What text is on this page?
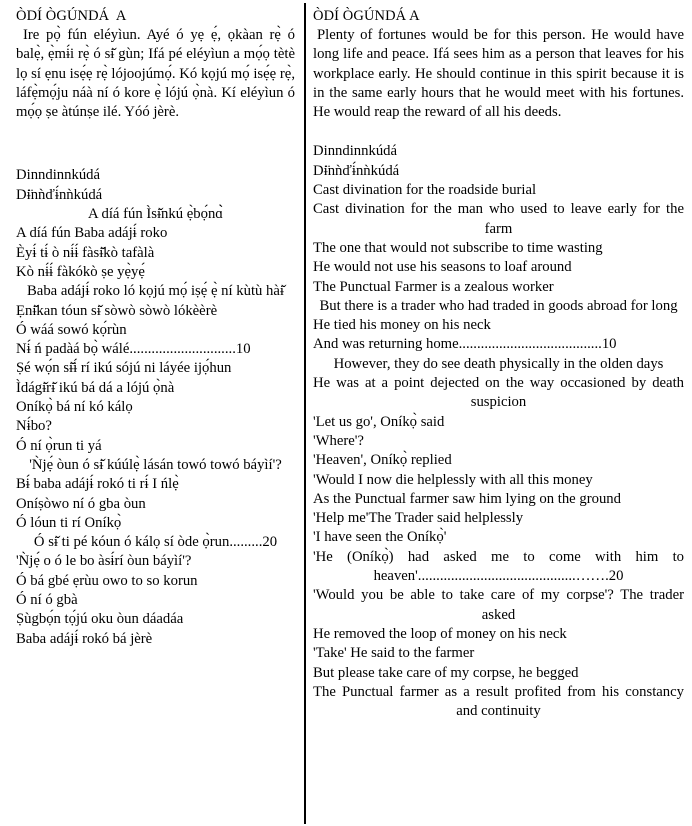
ÒDÍ ÒGÚNDÁ  A
Ire pọ̀ fún eléyìun. Ayé ó yẹ ẹ́, ọkàan rẹ̀ ó balẹ̀, ẹ̀mɨ́i rẹ̀ ó sɨ̌ gùn; Ifá pé eléyìun a mọ́ọ tètè lọ sí ẹnu isẹ́ẹ rẹ̀ lójoojúmọ́. Kó kọjú mọ́ isẹ́ẹ rẹ̀, láfẹ̀mọ́ju náà ní ó kore ẹ̀ lójú ọ̀nà. Kí eléyìun ó mọ́ọ ṣe àtúnṣe ilé. Yóó jèrè.
Dinndinnkúdá
Dɨ̈nǹďɨ́nǹkúdá
A díá fún Ìsɨ̌nkú ẹ̀bọ́nɑ̀̀
A díá fún Baba adájɨ́ roko
Èyɨ́ tɨ́ ò nɨ́ɨ́ fàsɨ̌kò tafàlà
Kò nɨ́ɨ́ fàkókò ṣe yẹ̀yẹ́
Baba adájɨ́ roko ló kọjú mọ́ iṣẹ́ ẹ̀ ní kùtù hàɨ̌
Ẹnɨ̌kan tóun sɨ̌ sòwò sòwò lókèèrè
Ó wáá sowó kọ́rùn
Nɨ́ ń padàá bọ̀ wálé.............................10
Ṣé wọ́n sɨ̌ɨ́ rí ikú sójú ni láyée ijọ́hun
Ìdágɨ̌rɨ̌ ikú bá dá a lójú ọ̀nà
Oníkọ̀ bá ní kó kálọ
Nɨ́bo?
Ó ní ọ̀run ti yá
'Ǹjẹ́ òun ó sɨ̌ kúúlẹ̀ lásán towó towó báyìí'?
Bɨ́ baba adájɨ́ rokó ti rɨ́ I ńlẹ̀
Oníṣòwo ní ó gba òun
Ó lóun ti rí Oníkọ̀
Ó sɨ̌ ti pé kóun ó kálọ sí òde ọ̀run.........20
'Ǹjẹ́ o ó le bo àsɨ́rí òun báyìí'?
Ó bá gbé ẹrùu owo to so korun
Ó ní ó gbà
Ṣùgbọ́n tọ́jú oku òun dáadáa
Baba adájɨ́ rokó bá jèrè
ÒDÍ ÒGÚNDÁ A
Plenty of fortunes would be for this person. He would have long life and peace. Ifá sees him as a person that leaves for his workplace early. He should continue in this spirit because it is in the same early hours that he would meet with his fortunes. He would reap the reward of all his deeds.
Dinndinnkúdá
Dɨ̈nǹďɨ́nǹkúdá
Cast divination for the roadside burial
Cast divination for the man who used to leave early for the farm
The one that would not subscribe to time wasting
He would not use his seasons to loaf around
The Punctual Farmer is a zealous worker
But there is a trader who had traded in goods abroad for long
He tied his money on his neck
And was returning home.......................................10
However, they do see death physically in the olden days
He was at a point dejected on the way occasioned by death suspicion
'Let us go', Oníkọ̀ said
'Where'?
'Heaven', Oníkọ̀ replied
'Would I now die helplessly with all this money
As the Punctual farmer saw him lying on the ground
'Help me'The Trader said helplessly
'I have seen the Oníkọ̀'
'He (Oníkọ̀) had asked me to come with him to heaven'...........................................…….20
'Would you be able to take care of my corpse'? The trader asked
He removed the loop of money on his neck
'Take' He said to the farmer
But please take care of my corpse, he begged
The Punctual farmer as a result profited from his constancy and continuity
